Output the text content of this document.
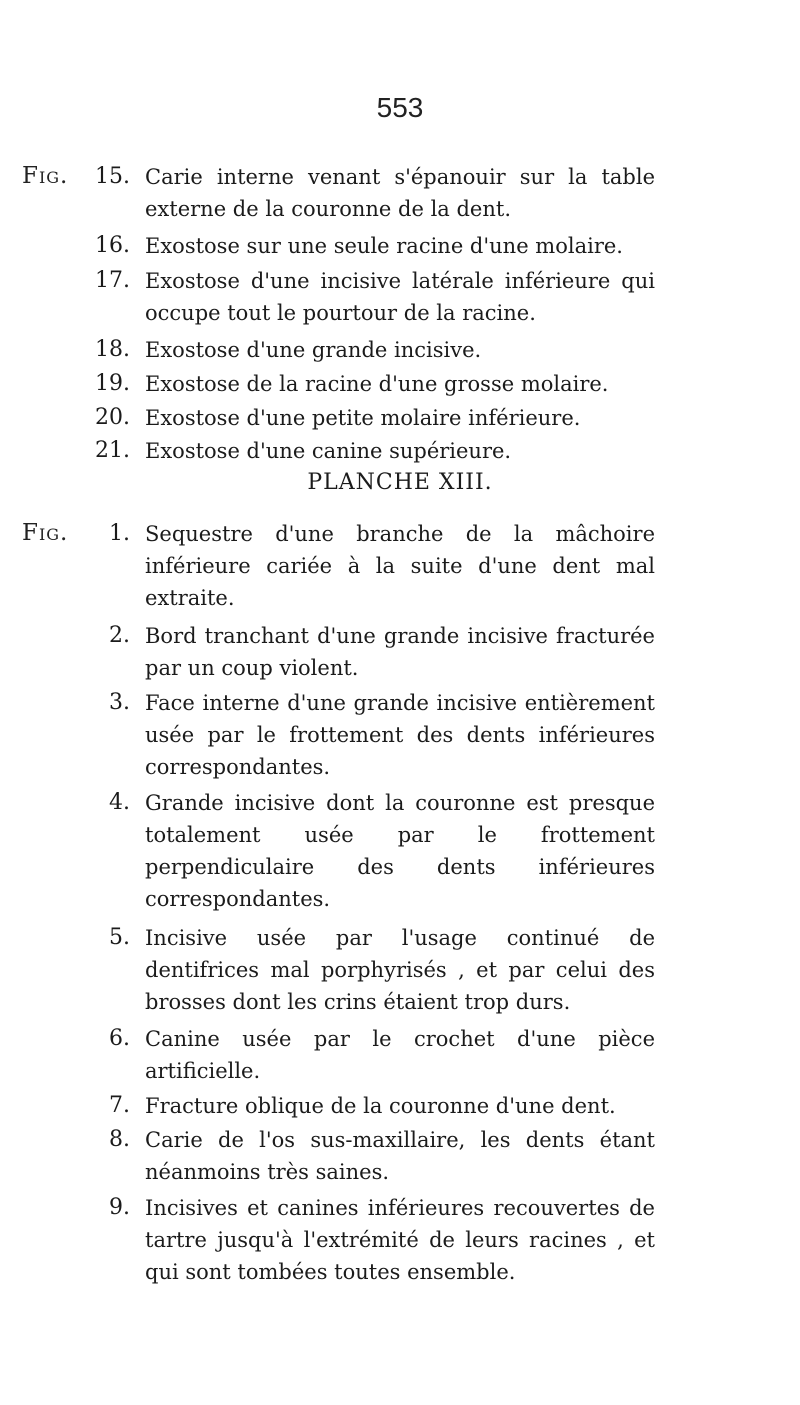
553
Fig.	15. Carie interne venant s'épanouir sur la table externe de la couronne de la dent.
16. Exostose sur une seule racine d'une molaire.
17. Exostose d'une incisive latérale inférieure qui occupe tout le pourtour de la racine.
18. Exostose d'une grande incisive.
19. Exostose de la racine d'une grosse molaire.
20. Exostose d'une petite molaire inférieure.
21. Exostose d'une canine supérieure.
PLANCHE XIII.
Fig.	1. Sequestre d'une branche de la mâchoire inférieure cariée à la suite d'une dent mal extraite.
2. Bord tranchant d'une grande incisive fracturée par un coup violent.
3. Face interne d'une grande incisive entièrement usée par le frottement des dents inférieures correspondantes.
4. Grande incisive dont la couronne est presque totalement usée par le frottement perpendiculaire des dents inférieures correspondantes.
5. Incisive usée par l'usage continué de dentifrices mal porphyrisés , et par celui des brosses dont les crins étaient trop durs.
6. Canine usée par le crochet d'une pièce artificielle.
7. Fracture oblique de la couronne d'une dent.
8. Carie de l'os sus-maxillaire, les dents étant néanmoins très saines.
9. Incisives et canines inférieures recouvertes de tartre jusqu'à l'extrémité de leurs racines , et qui sont tombées toutes ensemble.
